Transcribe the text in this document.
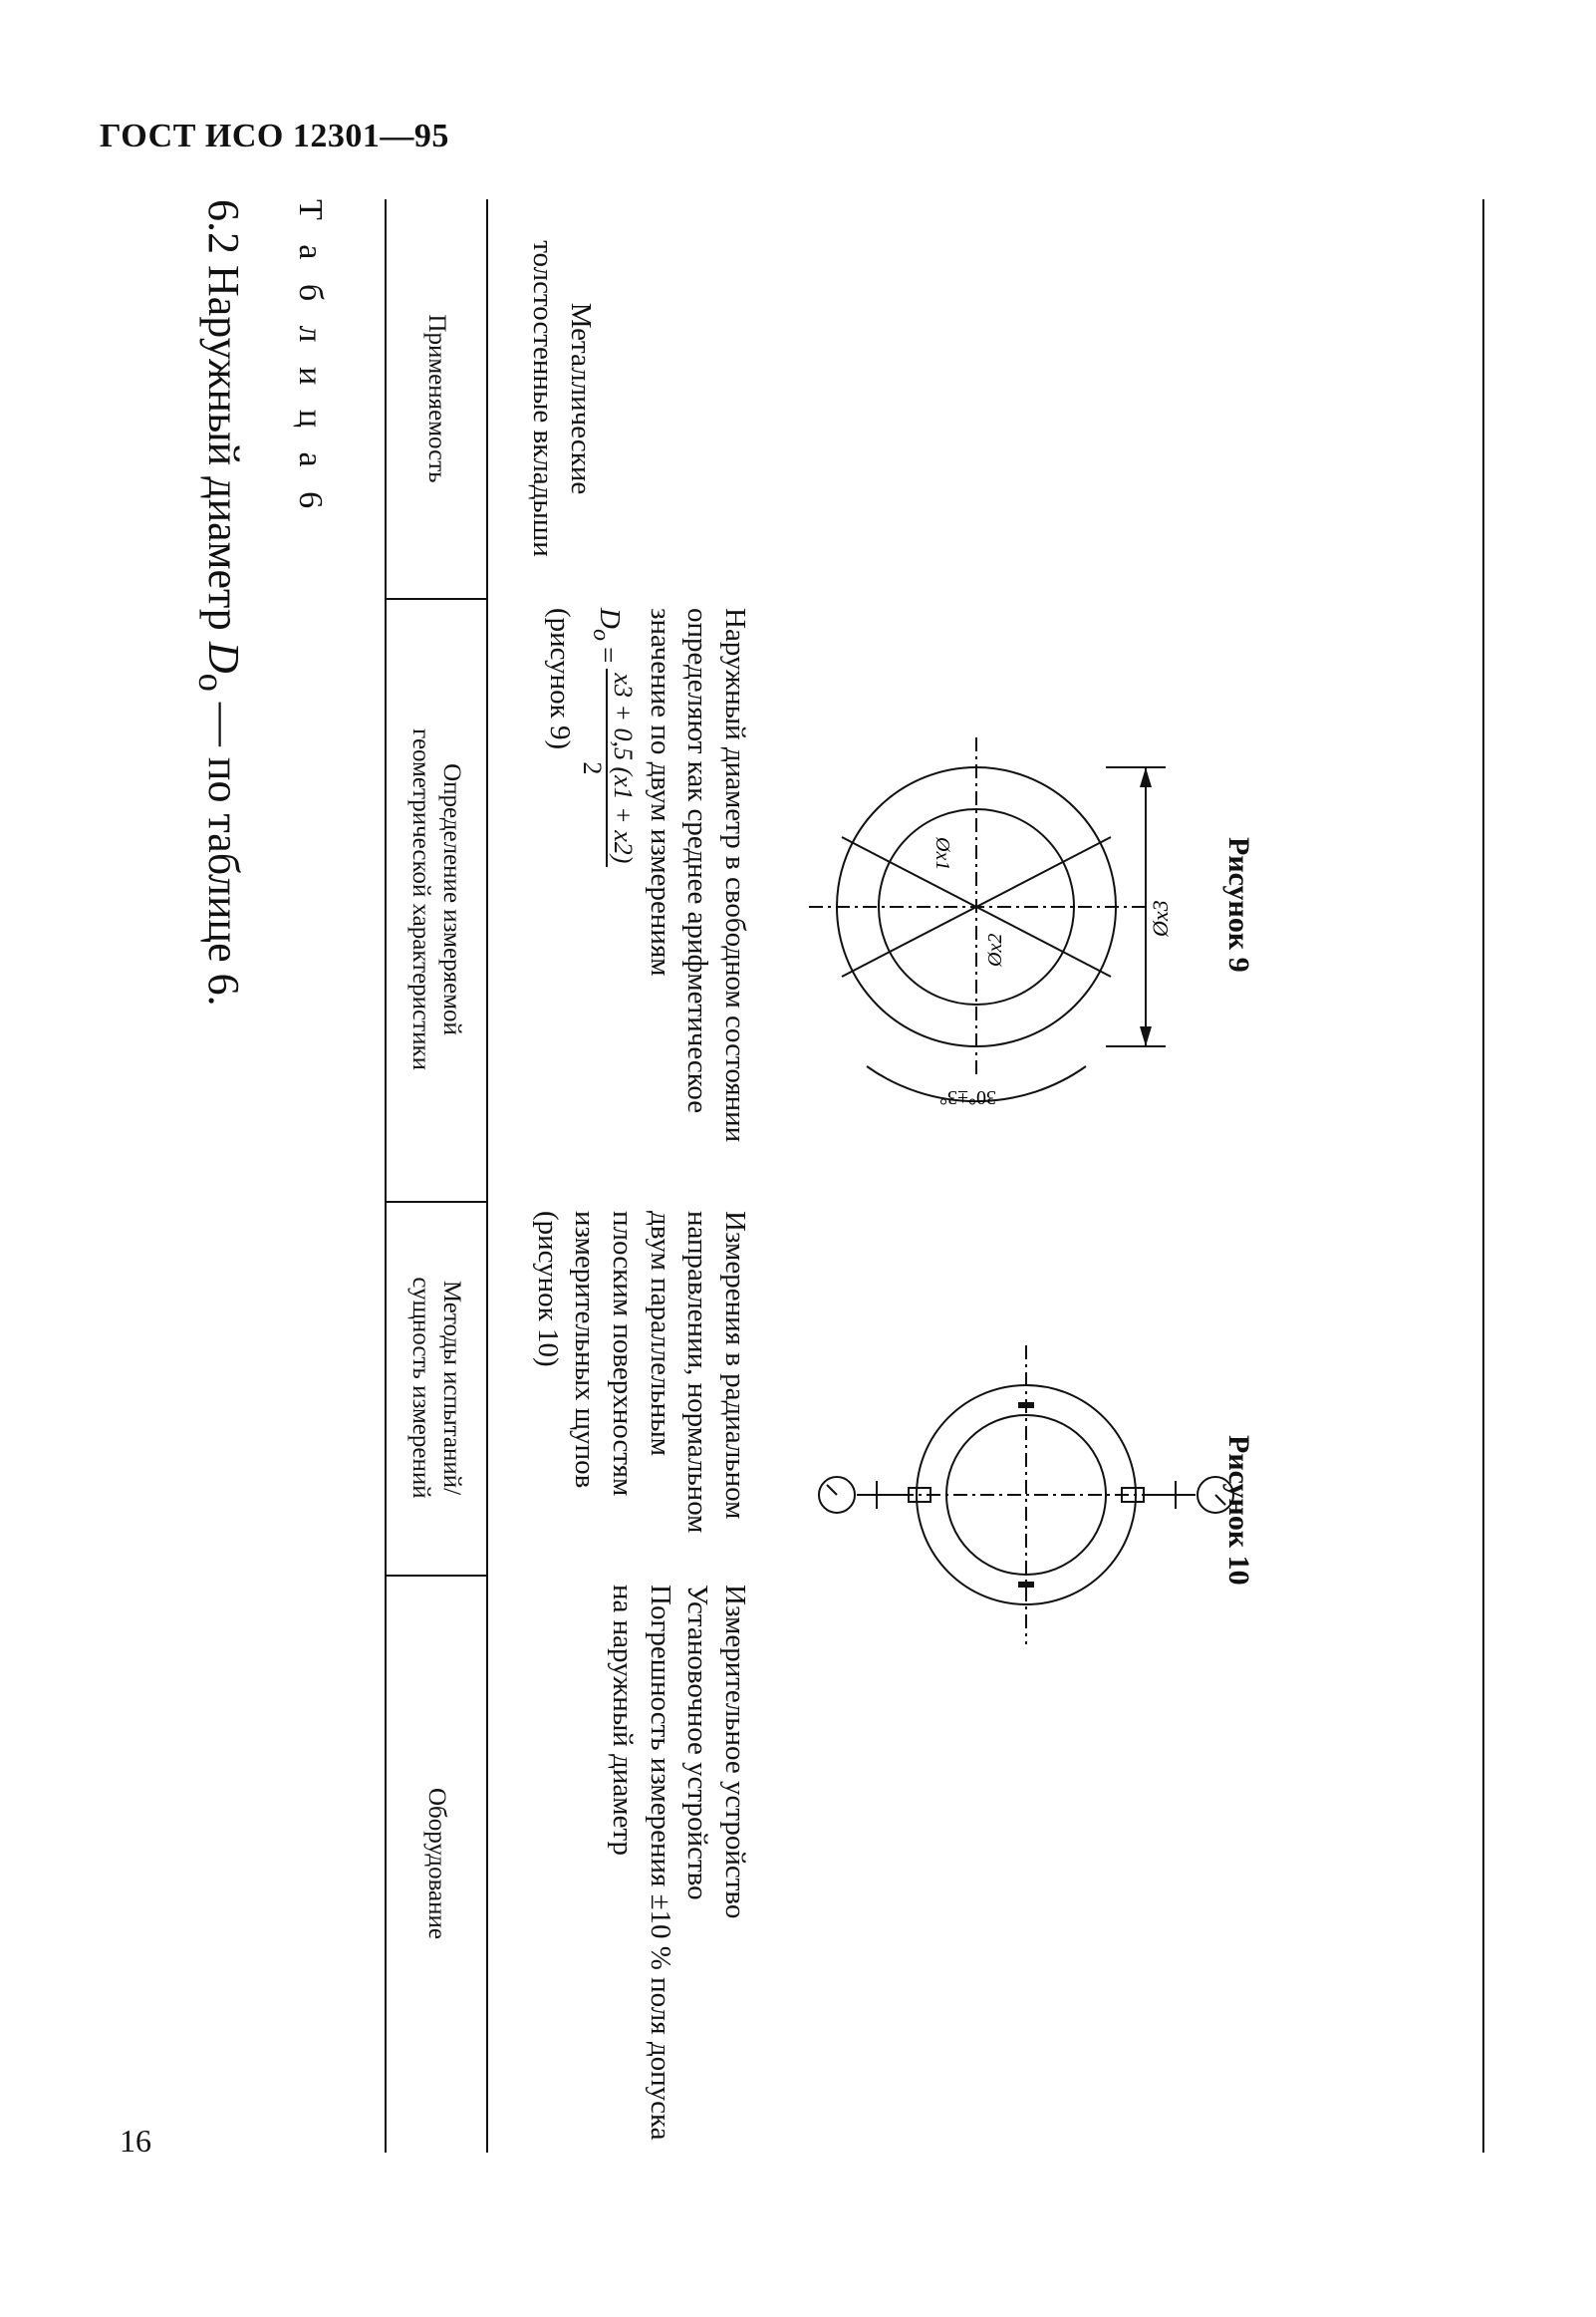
ГОСТ ИСО 12301—95
16
6.2 Наружный диаметр $D_о$ — по таблице 6.
Т а б л и ц а 6	Применяемость
Определение измеряемой геометрической характеристики
Методы испытаний/ сущность измерений
Оборудование
Металлические толстостенные вкладыши
Наружный диаметр в свободном состоянии определяют как среднее арифметическое значение по двум измерениям
$D_o$
=
x3 + 0,5 (x1 + x2)
2
(рисунок 9)
Измерения в радиальном направлении, нормальном двум параллельным плоским поверхностям измерительных щупов (рисунок 10)
Измерительное устройство
Установочное устройство
Погрешность измерения ±10 % поля допуска на наружный диаметр
Øx3
Øx2
Øx1
30°±3°
Рисунок 9
Рисунок 10
